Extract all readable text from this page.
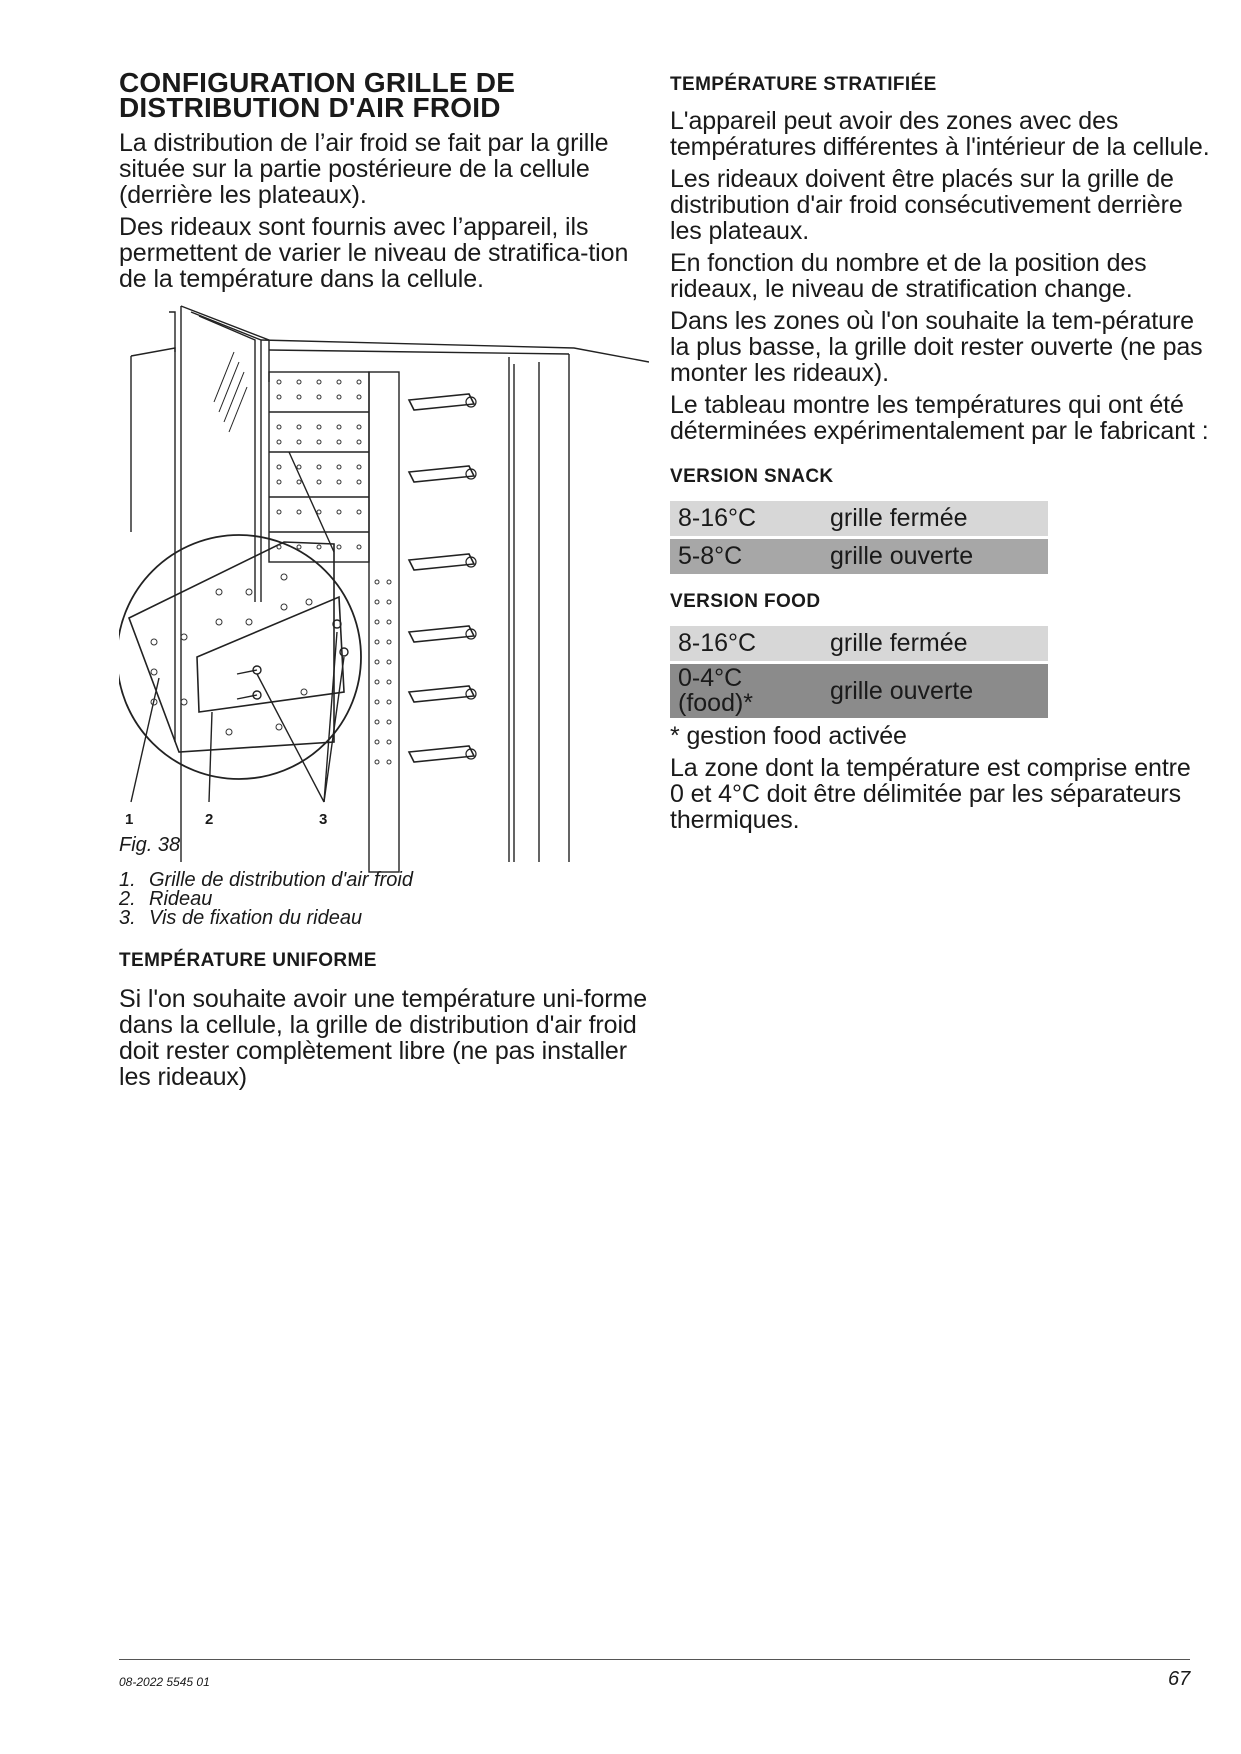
CONFIGURATION GRILLE DE
DISTRIBUTION D'AIR FROID

La distribution de l’air froid se fait par la grille située sur la partie postérieure de la cellule (derrière les plateaux).

Des rideaux sont fournis avec l’appareil, ils permettent de varier le niveau de stratifica-tion de la température dans la cellule.

1	2	3
Fig. 38
1. Grille de distribution d'air froid
2. Rideau
3. Vis de fixation du rideau
TEMPÉRATURE UNIFORME

Si l'on souhaite avoir une température uni-forme dans la cellule, la grille de distribution d'air froid doit rester complètement libre (ne pas installer les rideaux)

TEMPÉRATURE STRATIFIÉE

L'appareil peut avoir des zones avec des températures différentes à l'intérieur de la cellule.

Les rideaux doivent être placés sur la grille de distribution d'air froid consécutivement derrière les plateaux.

En fonction du nombre et de la position des rideaux, le niveau de stratification change.

Dans les zones où l'on souhaite la tem-pérature la plus basse, la grille doit rester ouverte (ne pas monter les rideaux).

Le tableau montre les températures qui ont été déterminées expérimentalement par le fabricant :

VERSION SNACK
8-16°C	grille fermée
5-8°C	grille ouverte
VERSION FOOD
8-16°C	grille fermée
0-4°C (food)*	grille ouverte

* gestion food activée

La zone dont la température est comprise entre 0 et 4°C doit être délimitée par les séparateurs thermiques.

08-2022 5545 01	67
